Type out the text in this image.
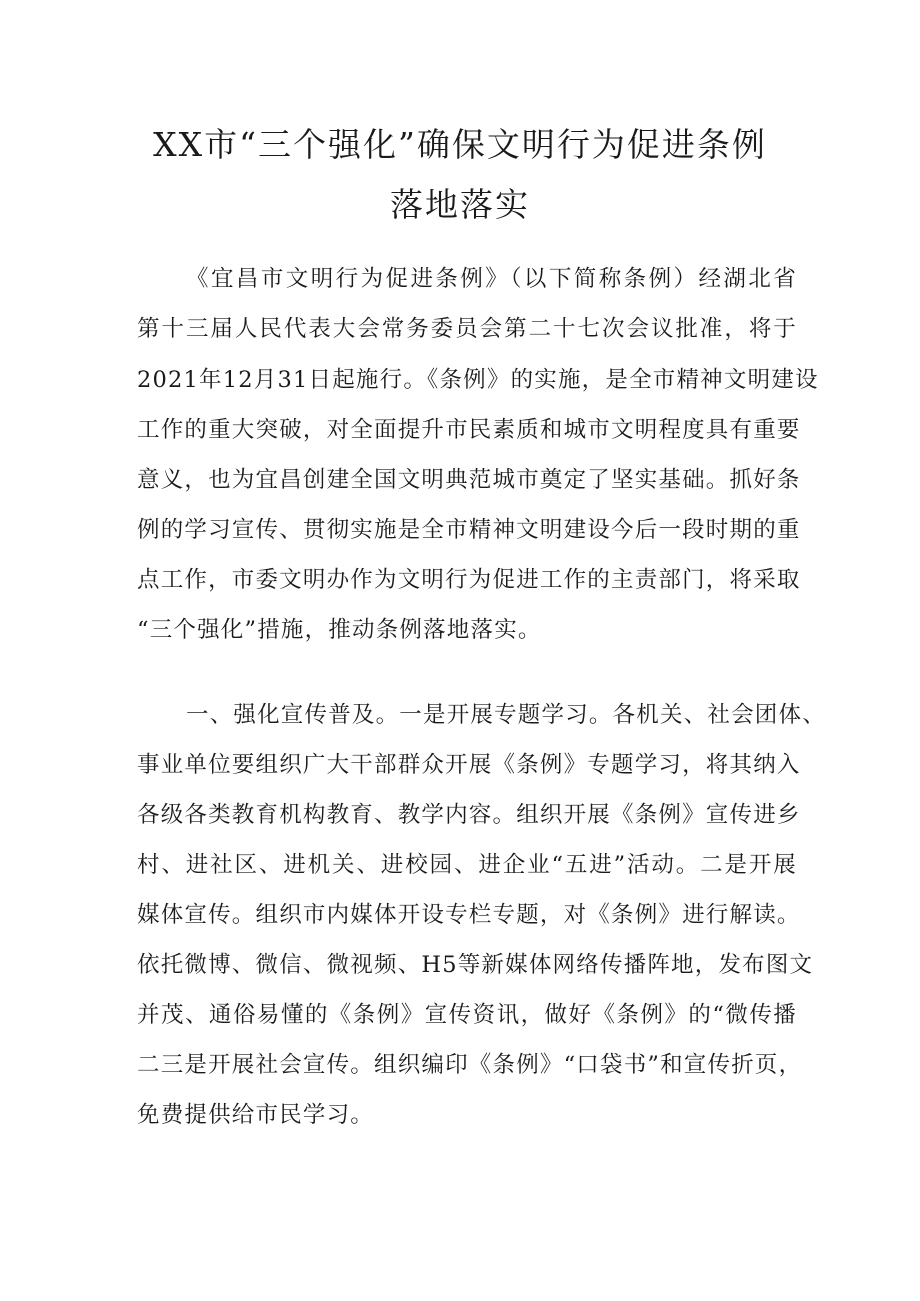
XX市“三个强化”确保文明行为促进条例
落地落实

《宜昌市文明行为促进条例》（以下简称条例）经湖北省

第十三届人民代表大会常务委员会第二十七次会议批准，将于

2021年12月31日起施行。《条例》的实施，是全市精神文明建设

工作的重大突破，对全面提升市民素质和城市文明程度具有重要

意义，也为宜昌创建全国文明典范城市奠定了坚实基础。抓好条

例的学习宣传、贯彻实施是全市精神文明建设今后一段时期的重

点工作，市委文明办作为文明行为促进工作的主责部门，将采取

“三个强化”措施，推动条例落地落实。

一、强化宣传普及。一是开展专题学习。各机关、社会团体、

事业单位要组织广大干部群众开展《条例》专题学习，将其纳入

各级各类教育机构教育、教学内容。组织开展《条例》宣传进乡

村、进社区、进机关、进校园、进企业“五进”活动。二是开展

媒体宣传。组织市内媒体开设专栏专题，对《条例》进行解读。

依托微博、微信、微视频、H5等新媒体网络传播阵地，发布图文

并茂、通俗易懂的《条例》宣传资讯，做好《条例》的“微传播

二三是开展社会宣传。组织编印《条例》“口袋书”和宣传折页，

免费提供给市民学习。
